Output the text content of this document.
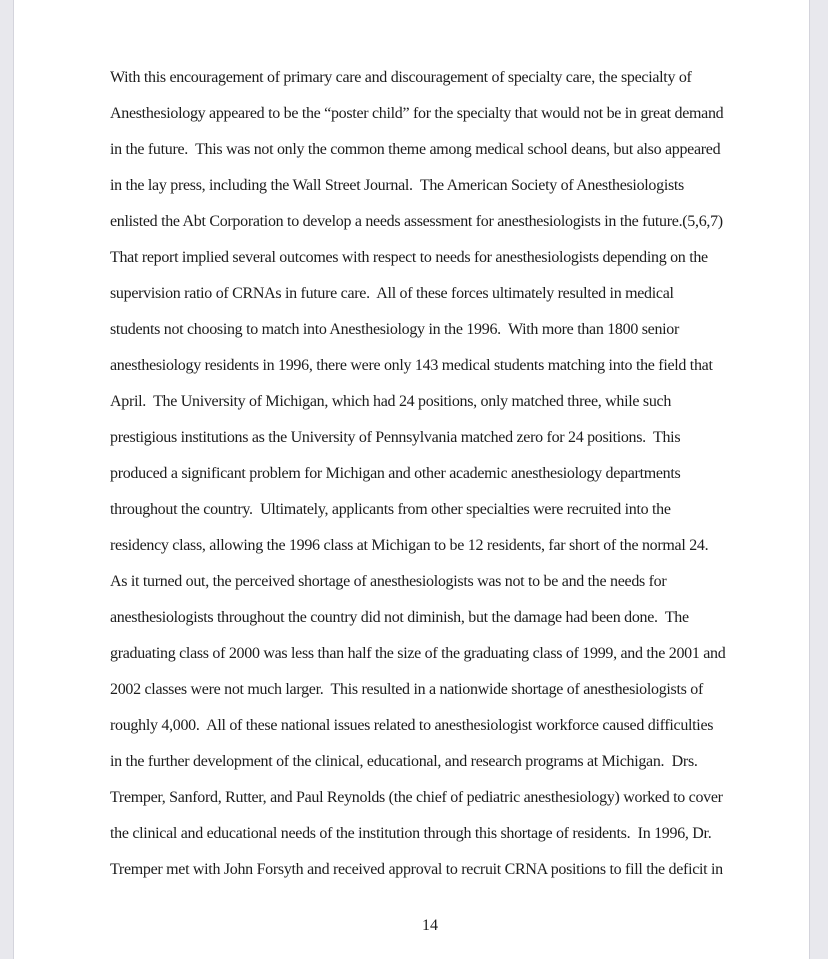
With this encouragement of primary care and discouragement of specialty care, the specialty of
Anesthesiology appeared to be the “poster child” for the specialty that would not be in great demand
in the future.  This was not only the common theme among medical school deans, but also appeared
in the lay press, including the Wall Street Journal.  The American Society of Anesthesiologists
enlisted the Abt Corporation to develop a needs assessment for anesthesiologists in the future.(5,6,7)
That report implied several outcomes with respect to needs for anesthesiologists depending on the
supervision ratio of CRNAs in future care.  All of these forces ultimately resulted in medical
students not choosing to match into Anesthesiology in the 1996.  With more than 1800 senior
anesthesiology residents in 1996, there were only 143 medical students matching into the field that
April.  The University of Michigan, which had 24 positions, only matched three, while such
prestigious institutions as the University of Pennsylvania matched zero for 24 positions.  This
produced a significant problem for Michigan and other academic anesthesiology departments
throughout the country.  Ultimately, applicants from other specialties were recruited into the
residency class, allowing the 1996 class at Michigan to be 12 residents, far short of the normal 24.
As it turned out, the perceived shortage of anesthesiologists was not to be and the needs for
anesthesiologists throughout the country did not diminish, but the damage had been done.  The
graduating class of 2000 was less than half the size of the graduating class of 1999, and the 2001 and
2002 classes were not much larger.  This resulted in a nationwide shortage of anesthesiologists of
roughly 4,000.  All of these national issues related to anesthesiologist workforce caused difficulties
in the further development of the clinical, educational, and research programs at Michigan.  Drs.
Tremper, Sanford, Rutter, and Paul Reynolds (the chief of pediatric anesthesiology) worked to cover
the clinical and educational needs of the institution through this shortage of residents.  In 1996, Dr.
Tremper met with John Forsyth and received approval to recruit CRNA positions to fill the deficit in
14
